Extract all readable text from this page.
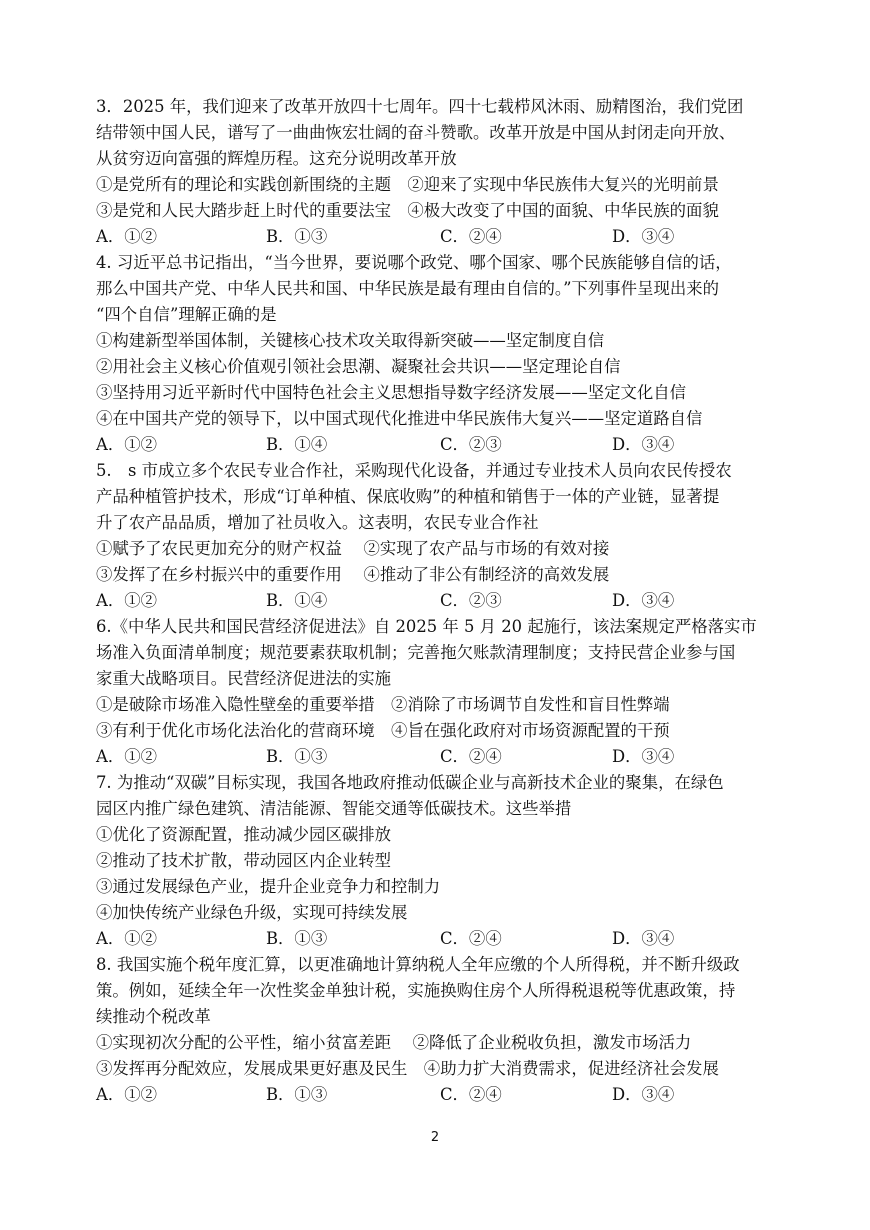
3．2025 年，我们迎来了改革开放四十七周年。四十七载栉风沐雨、励精图治，我们党团
结带领中国人民，谱写了一曲曲恢宏壮阔的奋斗赞歌。改革开放是中国从封闭走向开放、
从贫穷迈向富强的辉煌历程。这充分说明改革开放
①是党所有的理论和实践创新围绕的主题　②迎来了实现中华民族伟大复兴的光明前景
③是党和人民大踏步赶上时代的重要法宝　④极大改变了中国的面貌、中华民族的面貌
A．①②	B．①③	C．②④	D．③④
4. 习近平总书记指出，“当今世界，要说哪个政党、哪个国家、哪个民族能够自信的话，
那么中国共产党、中华人民共和国、中华民族是最有理由自信的。”下列事件呈现出来的
“四个自信”理解正确的是
①构建新型举国体制，关键核心技术攻关取得新突破——坚定制度自信
②用社会主义核心价值观引领社会思潮、凝聚社会共识——坚定理论自信
③坚持用习近平新时代中国特色社会主义思想指导数字经济发展——坚定文化自信
④在中国共产党的领导下，以中国式现代化推进中华民族伟大复兴——坚定道路自信
A．①②	B．①④	C．②③	D．③④
5.　s 市成立多个农民专业合作社，采购现代化设备，并通过专业技术人员向农民传授农
产品种植管护技术，形成“订单种植、保底收购”的种植和销售于一体的产业链，显著提
升了农产品品质，增加了社员收入。这表明，农民专业合作社
①赋予了农民更加充分的财产权益　 ②实现了农产品与市场的有效对接
③发挥了在乡村振兴中的重要作用　 ④推动了非公有制经济的高效发展
A．①②	B．①④	C．②③	D．③④
6.《中华人民共和国民营经济促进法》自 2025 年 5 月 20 起施行，该法案规定严格落实市
场准入负面清单制度；规范要素获取机制；完善拖欠账款清理制度；支持民营企业参与国
家重大战略项目。民营经济促进法的实施
①是破除市场准入隐性壁垒的重要举措　②消除了市场调节自发性和盲目性弊端
③有利于优化市场化法治化的营商环境　④旨在强化政府对市场资源配置的干预
A．①②	B．①③	C．②④	D．③④
7. 为推动“双碳”目标实现，我国各地政府推动低碳企业与高新技术企业的聚集，在绿色
园区内推广绿色建筑、清洁能源、智能交通等低碳技术。这些举措
①优化了资源配置，推动减少园区碳排放
②推动了技术扩散，带动园区内企业转型
③通过发展绿色产业，提升企业竞争力和控制力
④加快传统产业绿色升级，实现可持续发展
A．①②	B．①③	C．②④	D．③④
8. 我国实施个税年度汇算，以更准确地计算纳税人全年应缴的个人所得税，并不断升级政
策。例如，延续全年一次性奖金单独计税，实施换购住房个人所得税退税等优惠政策，持
续推动个税改革
①实现初次分配的公平性，缩小贫富差距　 ②降低了企业税收负担，激发市场活力
③发挥再分配效应，发展成果更好惠及民生　④助力扩大消费需求，促进经济社会发展
A．①②	B．①③	C．②④	D．③④
2
